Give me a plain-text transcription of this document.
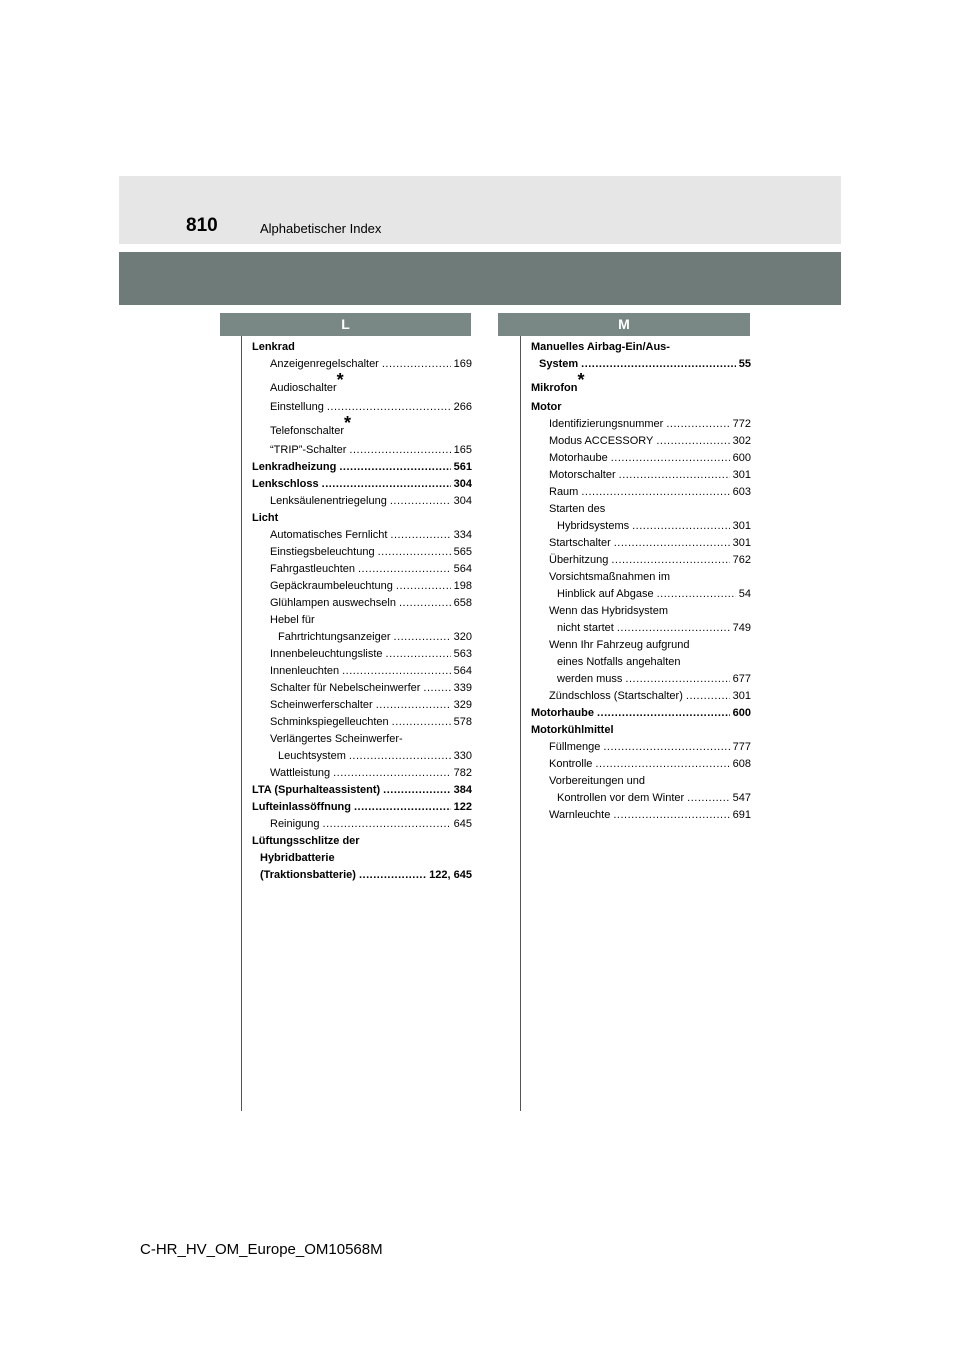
810	Alphabetischer Index
L	M
Lenkrad
Anzeigenregelschalter .....	169
Audioschalter*
Einstellung .....	266
Telefonschalter*
“TRIP”-Schalter .....	165
Lenkradheizung .....	561
Lenkschloss .....	304
Lenksäulenentriegelung .....	304
Licht
Automatisches Fernlicht .....	334
Einstiegsbeleuchtung .....	565
Fahrgastleuchten .....	564
Gepäckraumbeleuchtung .....	198
Glühlampen auswechseln .....	658
Hebel für
Fahrtrichtungsanzeiger .....	320
Innenbeleuchtungsliste .....	563
Innenleuchten .....	564
Schalter für Nebelscheinwerfer .....	339
Scheinwerferschalter .....	329
Schminkspiegelleuchten .....	578
Verlängertes Scheinwerfer-
Leuchtsystem .....	330
Wattleistung .....	782
LTA (Spurhalteassistent) .....	384
Lufteinlassöffnung .....	122
Reinigung .....	645
Lüftungsschlitze der
Hybridbatterie
(Traktionsbatterie) .....	122, 645
Manuelles Airbag-Ein/Aus-
System .....	55
Mikrofon*
Motor
Identifizierungsnummer .....	772
Modus ACCESSORY .....	302
Motorhaube .....	600
Motorschalter .....	301
Raum .....	603
Starten des
Hybridsystems .....	301
Startschalter .....	301
Überhitzung .....	762
Vorsichtsmaßnahmen im
Hinblick auf Abgase .....	54
Wenn das Hybridsystem
nicht startet .....	749
Wenn Ihr Fahrzeug aufgrund
eines Notfalls angehalten
werden muss .....	677
Zündschloss (Startschalter) .....	301
Motorhaube .....	600
Motorkühlmittel
Füllmenge .....	777
Kontrolle .....	608
Vorbereitungen und
Kontrollen vor dem Winter .....	547
Warnleuchte .....	691
C-HR_HV_OM_Europe_OM10568M
